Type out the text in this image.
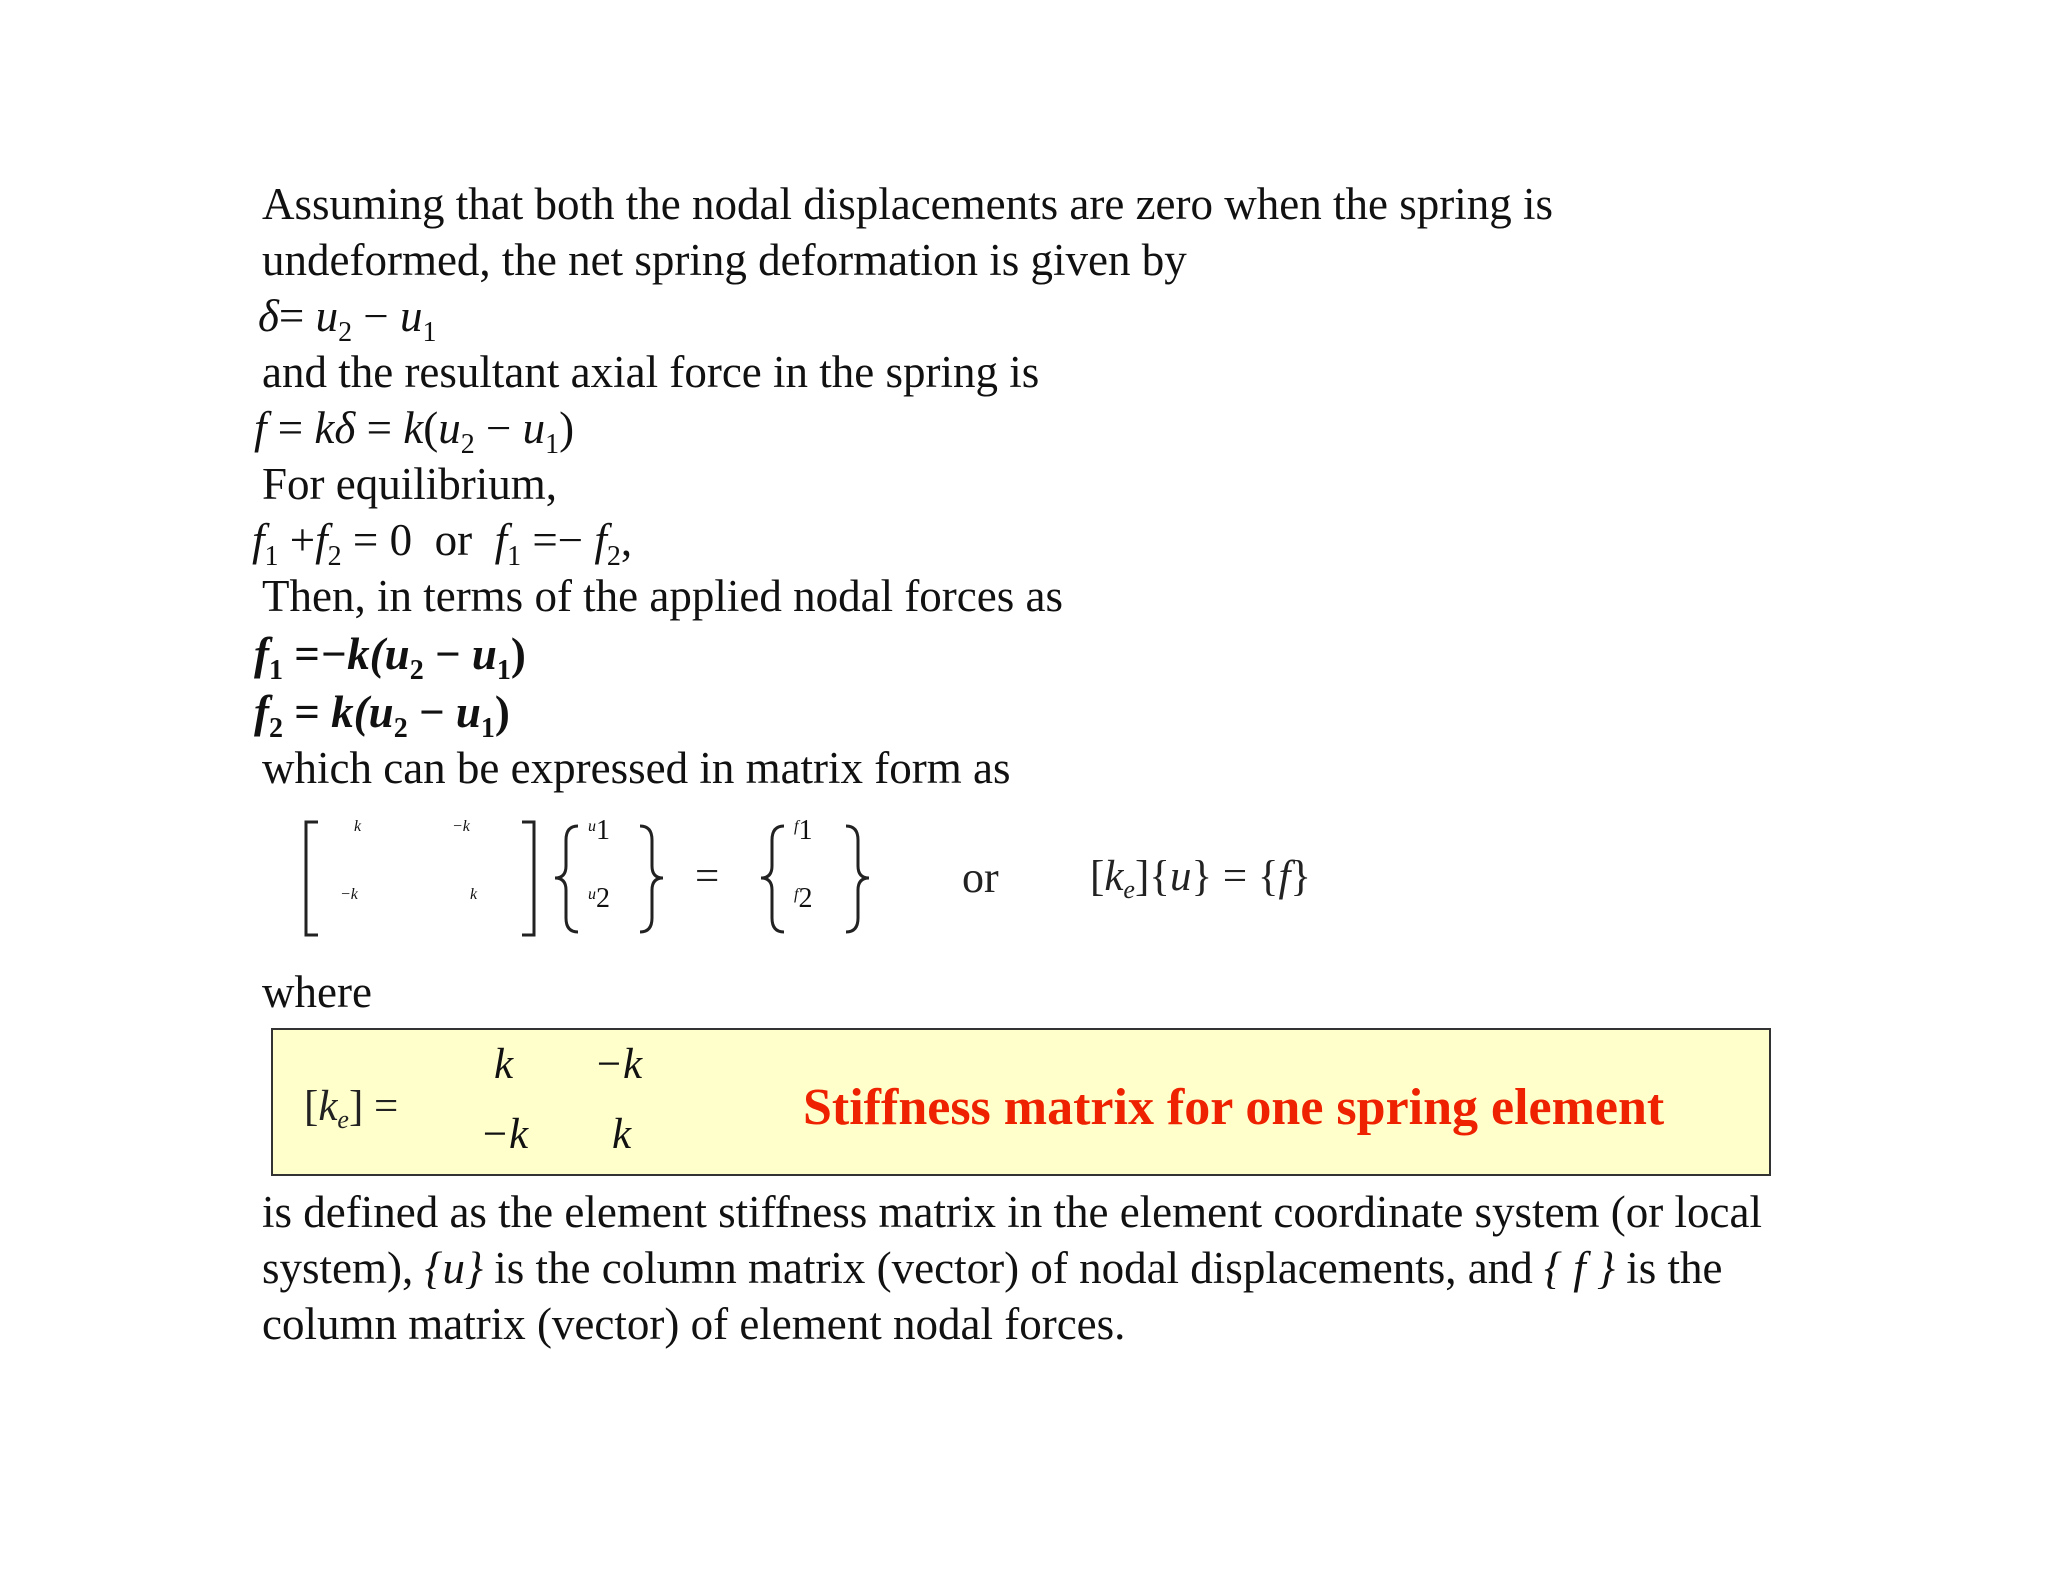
Assuming that both the nodal displacements are zero when the spring is
undeformed, the net spring deformation is given by
$\delta= u_2 - u_1$
and the resultant axial force in the spring is
$f = k\delta = k(u_2 - u_1)$
For equilibrium,
$f_1 +f_2 = 0$ or $f_1 =- f_2$,
Then, in terms of the applied nodal forces as
$f_1 =-k(u_2 - u_1)$
$f_2 = k(u_2 - u_1)$
which can be expressed in matrix form as
k	−k
−k	k
$u_1$
$u_2$ =
$f_1$
$f_2$	or $[k_e]\{u\} = \{f\}$
where
$[k_e]$ =
k −k
−k k	Stiffness matrix for one spring element
is defined as the element stiffness matrix in the element coordinate system (or local
system), {u} is the column matrix (vector) of nodal displacements, and { f } is the
column matrix (vector) of element nodal forces.
